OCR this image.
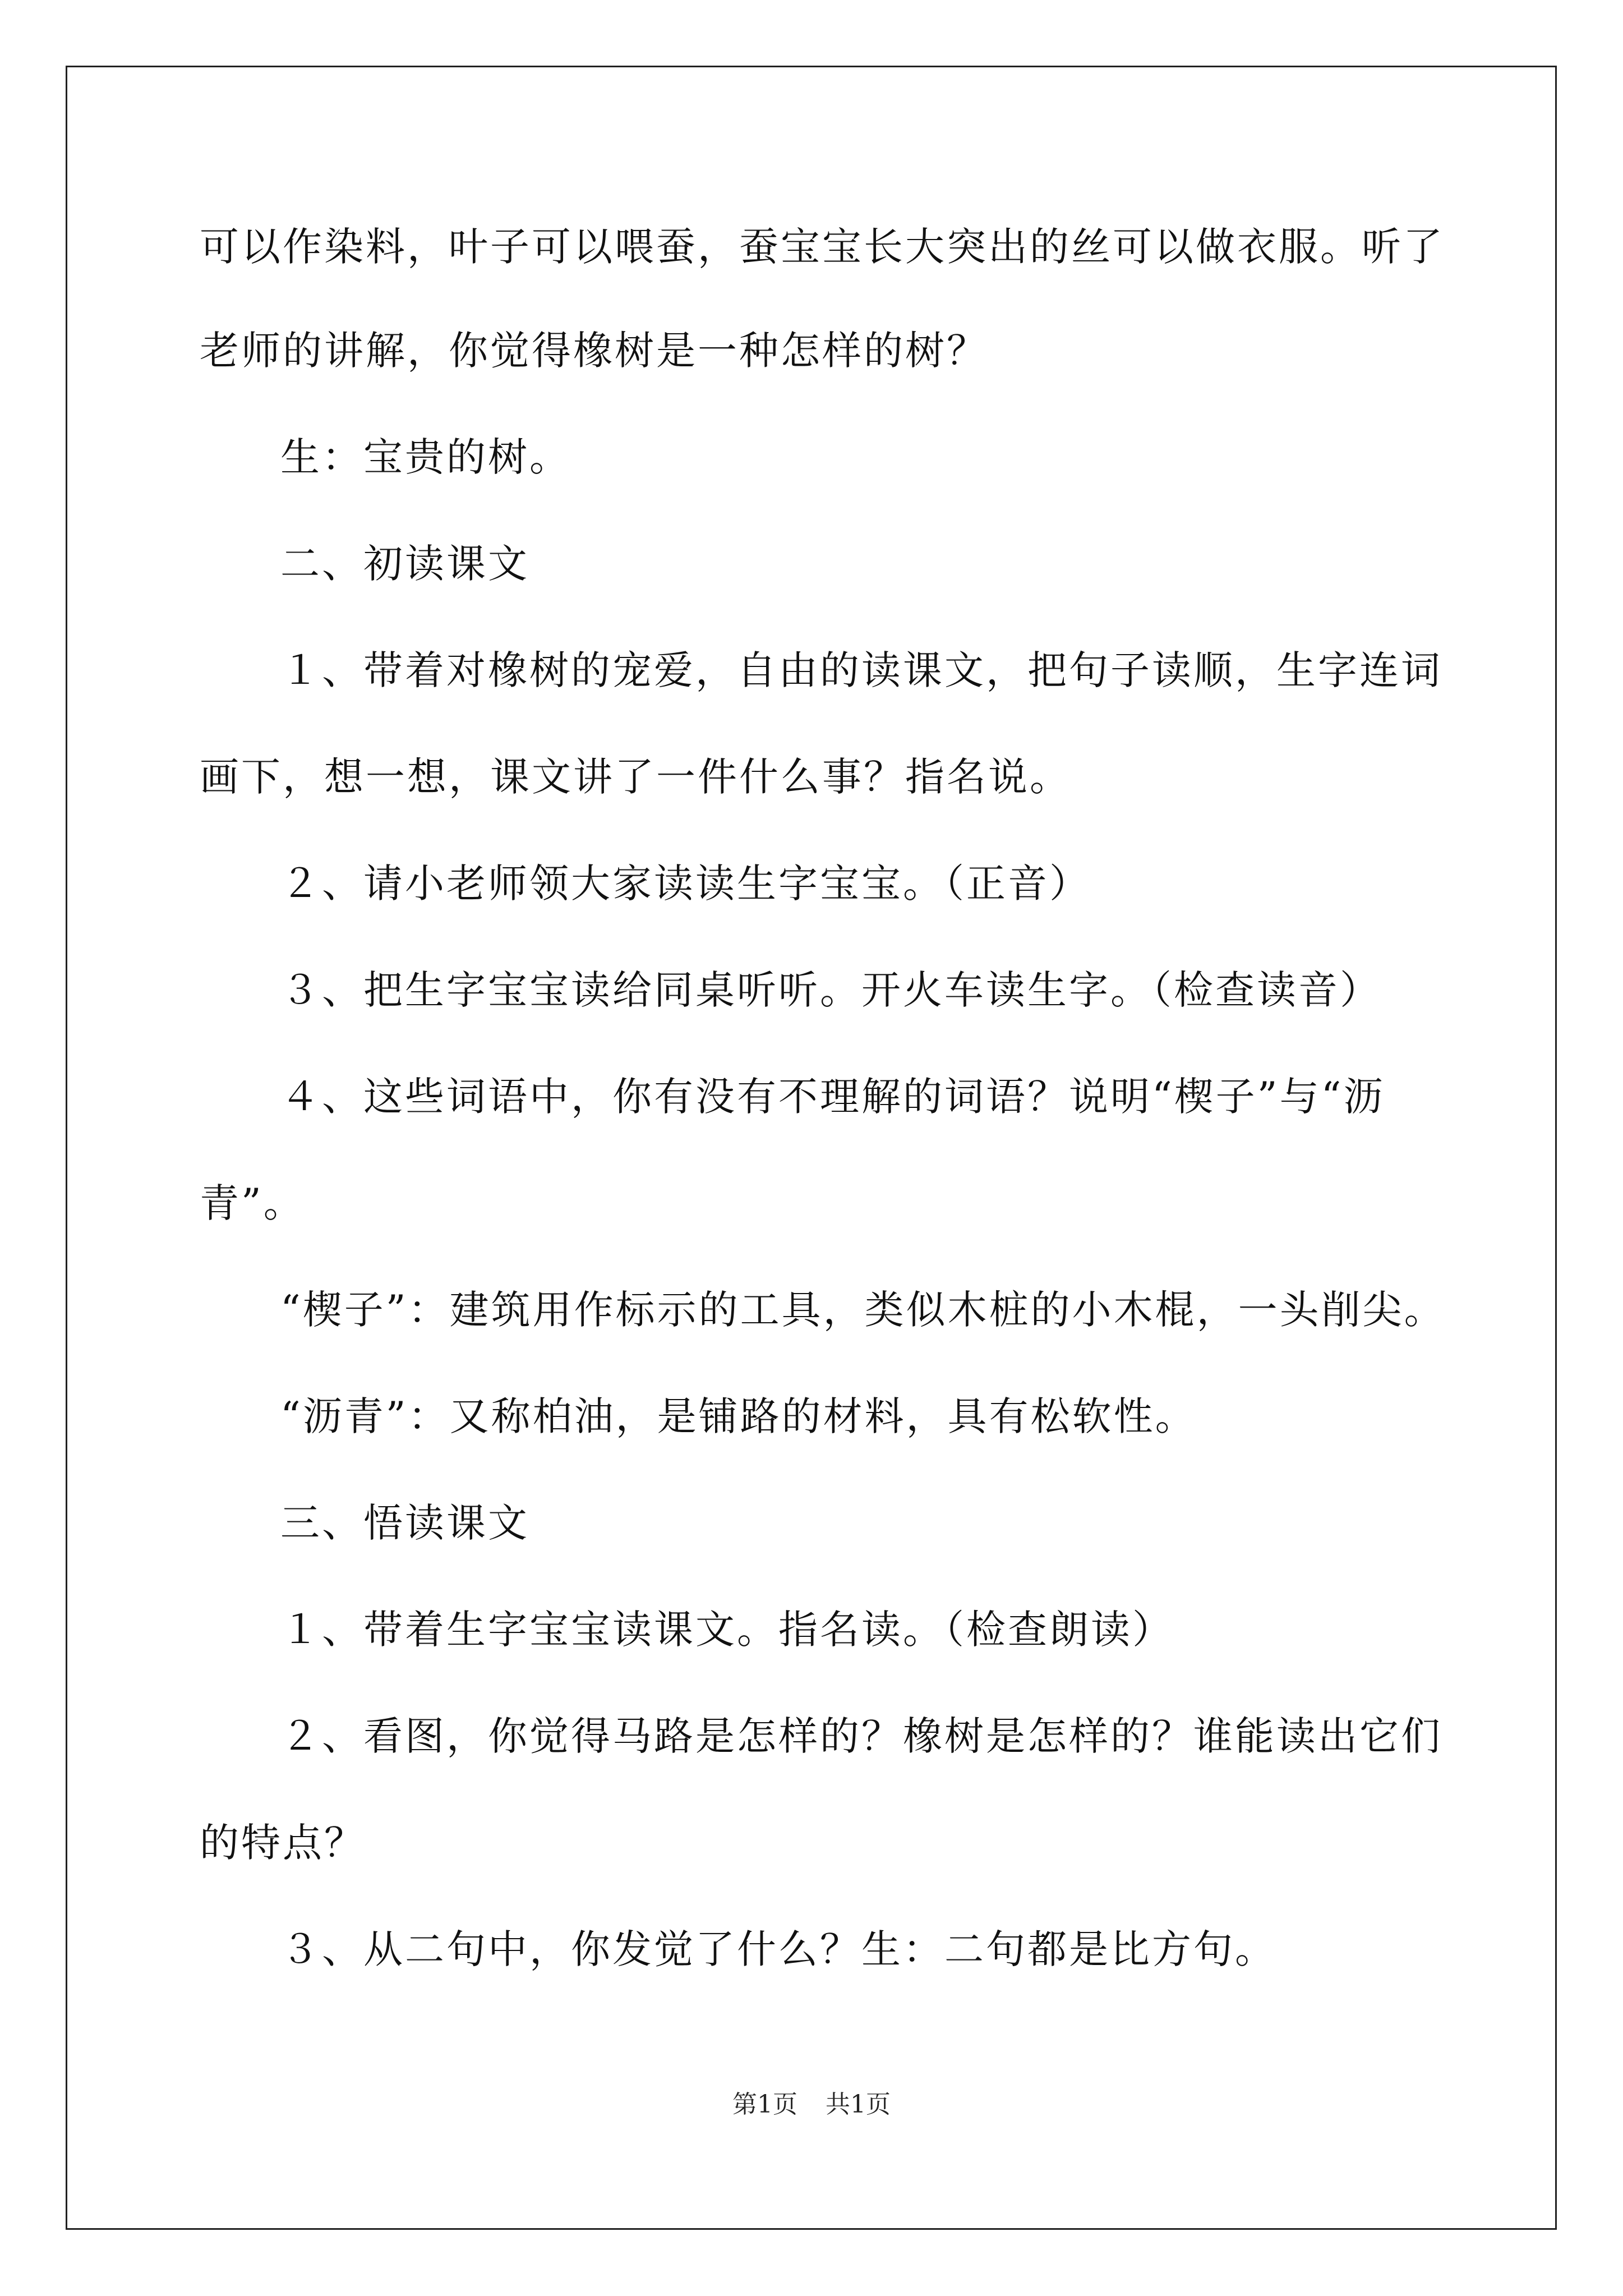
可以作染料，叶子可以喂蚕，蚕宝宝长大突出的丝可以做衣服。听了
老师的讲解，你觉得橡树是一种怎样的树？
生：宝贵的树。
二、初读课文
１、带着对橡树的宠爱，自由的读课文，把句子读顺，生字连词
画下，想一想，课文讲了一件什么事？指名说。
２、请小老师领大家读读生字宝宝。（正音）
３、把生字宝宝读给同桌听听。开火车读生字。（检查读音）
４、这些词语中，你有没有不理解的词语？说明“楔子”与“沥
青”。
“楔子”：建筑用作标示的工具，类似木桩的小木棍，一头削尖。
“沥青”：又称柏油，是铺路的材料，具有松软性。
三、悟读课文
１、带着生字宝宝读课文。指名读。（检查朗读）
２、看图，你觉得马路是怎样的？橡树是怎样的？谁能读出它们
的特点？
３、从二句中，你发觉了什么？生：二句都是比方句。
第1页 共1页
